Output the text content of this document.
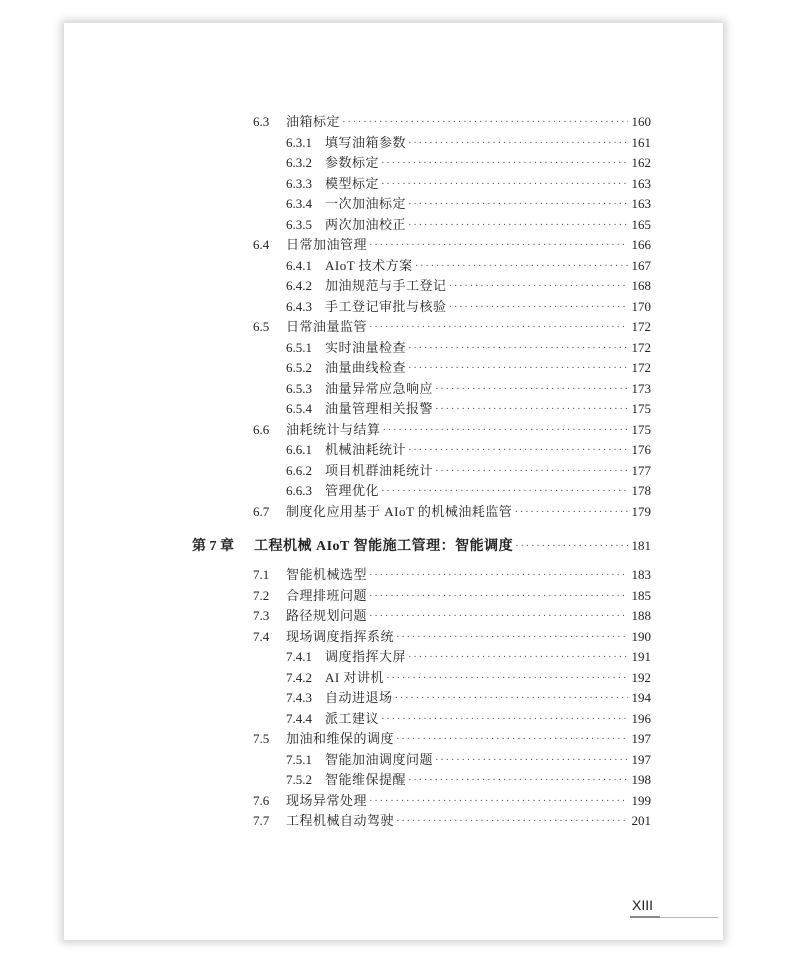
6.3	油箱标定 ·····	160
6.3.1	填写油箱参数 ·····	161
6.3.2	参数标定 ·····	162
6.3.3	模型标定 ·····	163
6.3.4	一次加油标定 ·····	163
6.3.5	两次加油校正 ·····	165
6.4	日常加油管理 ·····	166
6.4.1	AIoT 技术方案 ·····	167
6.4.2	加油规范与手工登记 ·····	168
6.4.3	手工登记审批与核验 ·····	170
6.5	日常油量监管 ·····	172
6.5.1	实时油量检查 ·····	172
6.5.2	油量曲线检查 ·····	172
6.5.3	油量异常应急响应 ·····	173
6.5.4	油量管理相关报警 ·····	175
6.6	油耗统计与结算 ·····	175
6.6.1	机械油耗统计 ·····	176
6.6.2	项目机群油耗统计 ·····	177
6.6.3	管理优化 ·····	178
6.7	制度化应用基于 AIoT 的机械油耗监管 ·····	179
第 7 章	工程机械 AIoT 智能施工管理：智能调度 ·····	181
7.1	智能机械选型 ·····	183
7.2	合理排班问题 ·····	185
7.3	路径规划问题 ·····	188
7.4	现场调度指挥系统 ·····	190
7.4.1	调度指挥大屏 ·····	191
7.4.2	AI 对讲机 ·····	192
7.4.3	自动进退场 ·····	194
7.4.4	派工建议 ·····	196
7.5	加油和维保的调度 ·····	197
7.5.1	智能加油调度问题 ·····	197
7.5.2	智能维保提醒 ·····	198
7.6	现场异常处理 ·····	199
7.7	工程机械自动驾驶 ·····	201
XIII
